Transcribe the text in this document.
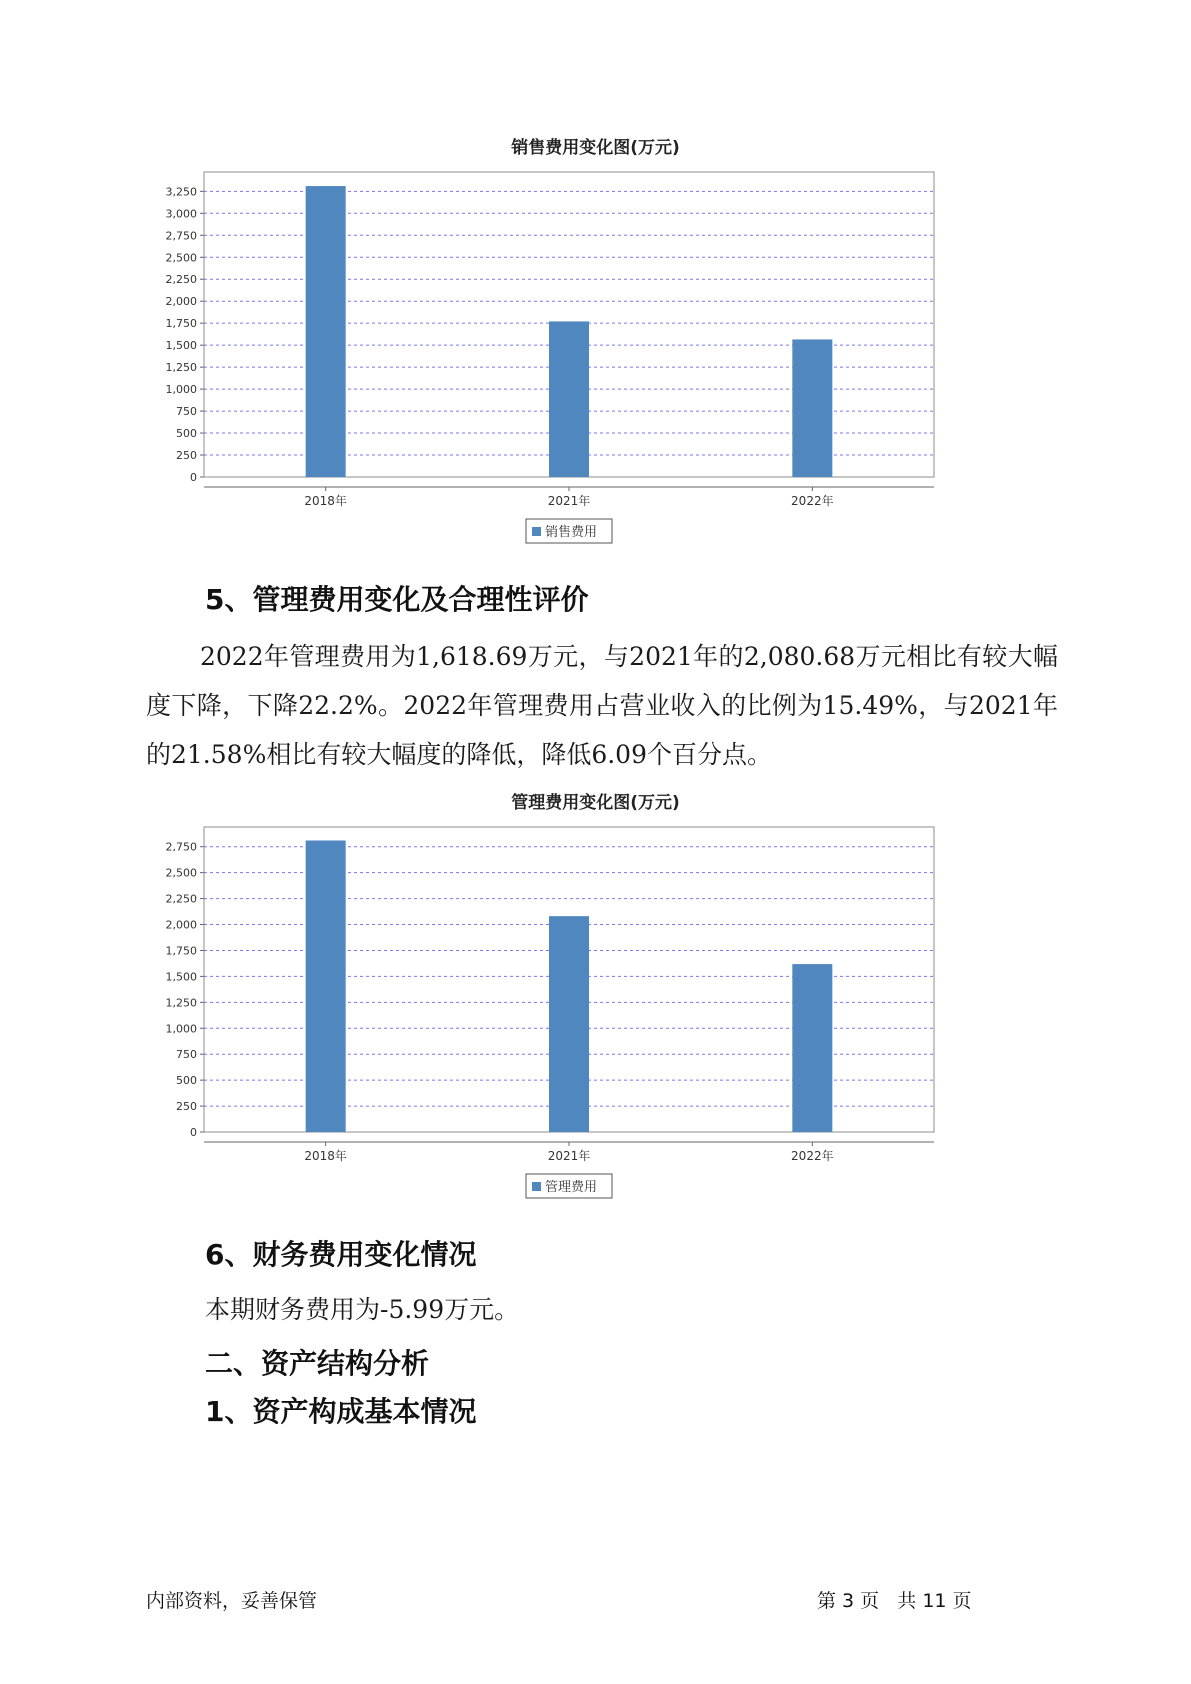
销售费用变化图(万元)
0
250
500
750
1,000
1,250
1,500
1,750
2,000
2,250
2,500
2,750
3,000
3,250
2018年	2021年	2022年
销售费用
5、管理费用变化及合理性评价
2022年管理费用为1,618.69万元，与2021年的2,080.68万元相比有较大幅度下降，下降22.2%。2022年管理费用占营业收入的比例为15.49%，与2021年的21.58%相比有较大幅度的降低，降低6.09个百分点。
管理费用变化图(万元)
0
250
500
750
1,000
1,250
1,500
1,750
2,000
2,250
2,500
2,750
2018年	2021年	2022年
管理费用
6、财务费用变化情况
本期财务费用为-5.99万元。
二、资产结构分析
1、资产构成基本情况
内部资料，妥善保管	第 3 页   共 11 页
